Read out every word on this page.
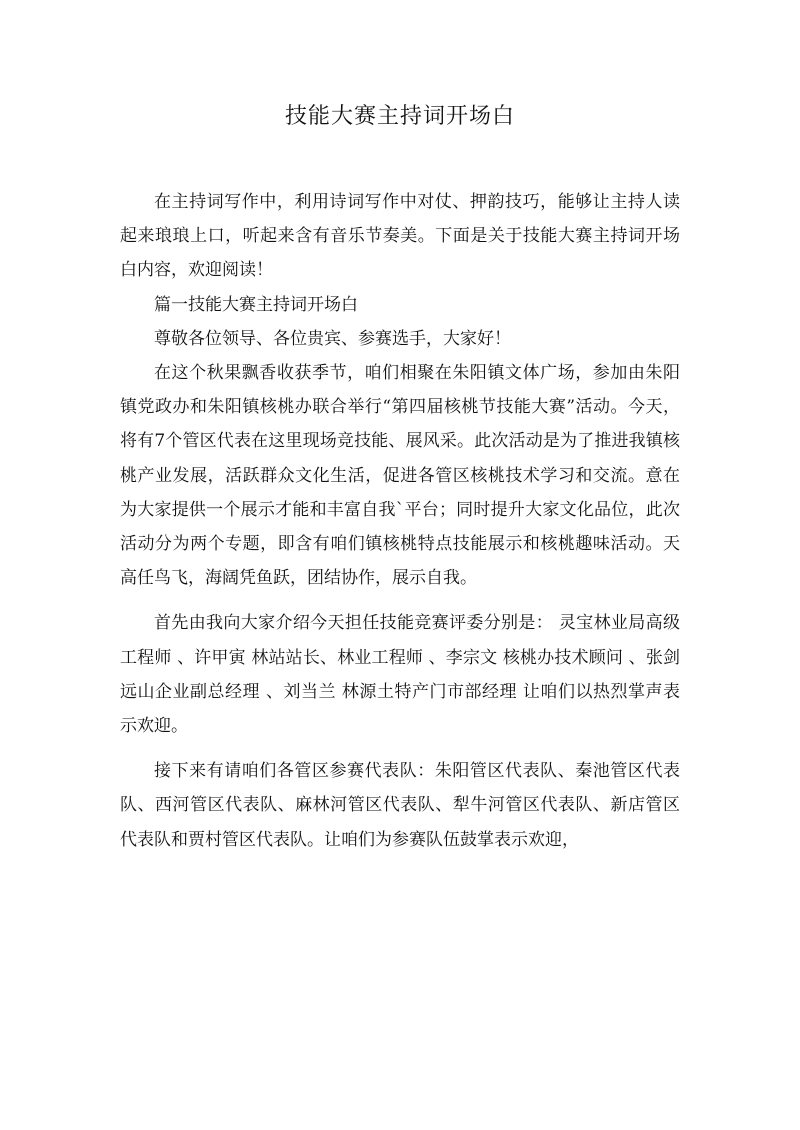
技能大赛主持词开场白

在主持词写作中，利用诗词写作中对仗、押韵技巧，能够让主持人读起来琅琅上口，听起来含有音乐节奏美。下面是关于技能大赛主持词开场白内容，欢迎阅读！

篇一技能大赛主持词开场白

尊敬各位领导、各位贵宾、参赛选手，大家好！

在这个秋果飘香收获季节，咱们相聚在朱阳镇文体广场，参加由朱阳镇党政办和朱阳镇核桃办联合举行“第四届核桃节技能大赛”活动。今天，将有7个管区代表在这里现场竞技能、展风采。此次活动是为了推进我镇核桃产业发展，活跃群众文化生活，促进各管区核桃技术学习和交流。意在为大家提供一个展示才能和丰富自我`平台；同时提升大家文化品位，此次活动分为两个专题，即含有咱们镇核桃特点技能展示和核桃趣味活动。天高任鸟飞，海阔凭鱼跃，团结协作，展示自我。

首先由我向大家介绍今天担任技能竞赛评委分别是： 灵宝林业局高级工程师 、许甲寅 林站站长、林业工程师 、李宗文 核桃办技术顾问 、张剑 远山企业副总经理 、刘当兰 林源土特产门市部经理 让咱们以热烈掌声表示欢迎。

接下来有请咱们各管区参赛代表队：朱阳管区代表队、秦池管区代表队、西河管区代表队、麻林河管区代表队、犁牛河管区代表队、新店管区代表队和贾村管区代表队。让咱们为参赛队伍鼓掌表示欢迎，
